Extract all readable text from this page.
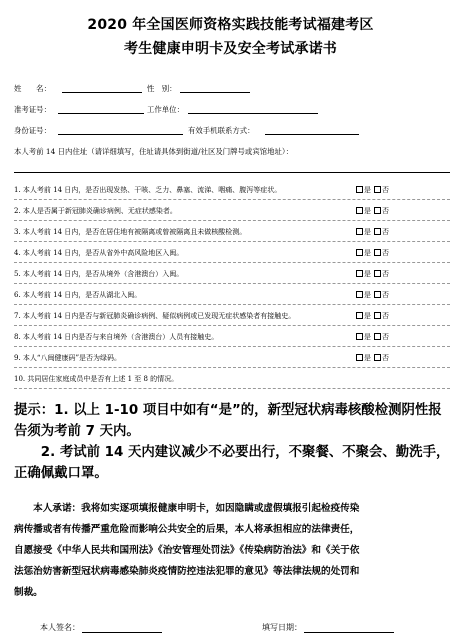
2020 年全国医师资格实践技能考试福建考区
考生健康申明卡及安全考试承诺书
姓　　名：	性　别：
准考证号：	工作单位：
身份证号：	有效手机联系方式：
本人考前 14 日内住址（请详细填写，住址请具体到街道/社区及门牌号或宾馆地址）：
1. 本人考前 14 日内，是否出现发热、干咳、乏力、鼻塞、流涕、咽痛、腹泻等症状。	是 否
2. 本人是否属于新冠肺炎确诊病例、无症状感染者。	是 否
3. 本人考前 14 日内，是否在居住地有被隔离或曾被隔离且未做核酸检测。	是 否
4. 本人考前 14 日内，是否从省外中高风险地区入闽。	是 否
5. 本人考前 14 日内，是否从境外（含港澳台）入闽。	是 否
6. 本人考前 14 日内，是否从湖北入闽。	是 否
7. 本人考前 14 日内是否与新冠肺炎确诊病例、疑似病例或已发现无症状感染者有接触史。	是 否
8. 本人考前 14 日内是否与来自境外（含港澳台）人员有接触史。	是 否
9. 本人“八闽健康码”是否为绿码。	是 否
10. 共同居住家庭成员中是否有上述 1 至 8 的情况。
提示：1. 以上 1-10 项目中如有“是”的，新型冠状病毒核酸检测阴性报
告须为考前 7 天内。
　　2. 考试前 14 天内建议减少不必要出行，不聚餐、不聚会、勤洗手，
正确佩戴口罩。
　　本人承诺：我将如实逐项填报健康申明卡，如因隐瞒或虚假填报引起检疫传染
病传播或者有传播严重危险而影响公共安全的后果，本人将承担相应的法律责任，
自愿接受《中华人民共和国刑法》《治安管理处罚法》《传染病防治法》和《关于依
法惩治妨害新型冠状病毒感染肺炎疫情防控违法犯罪的意见》等法律法规的处罚和
制裁。
本人签名：	填写日期：
